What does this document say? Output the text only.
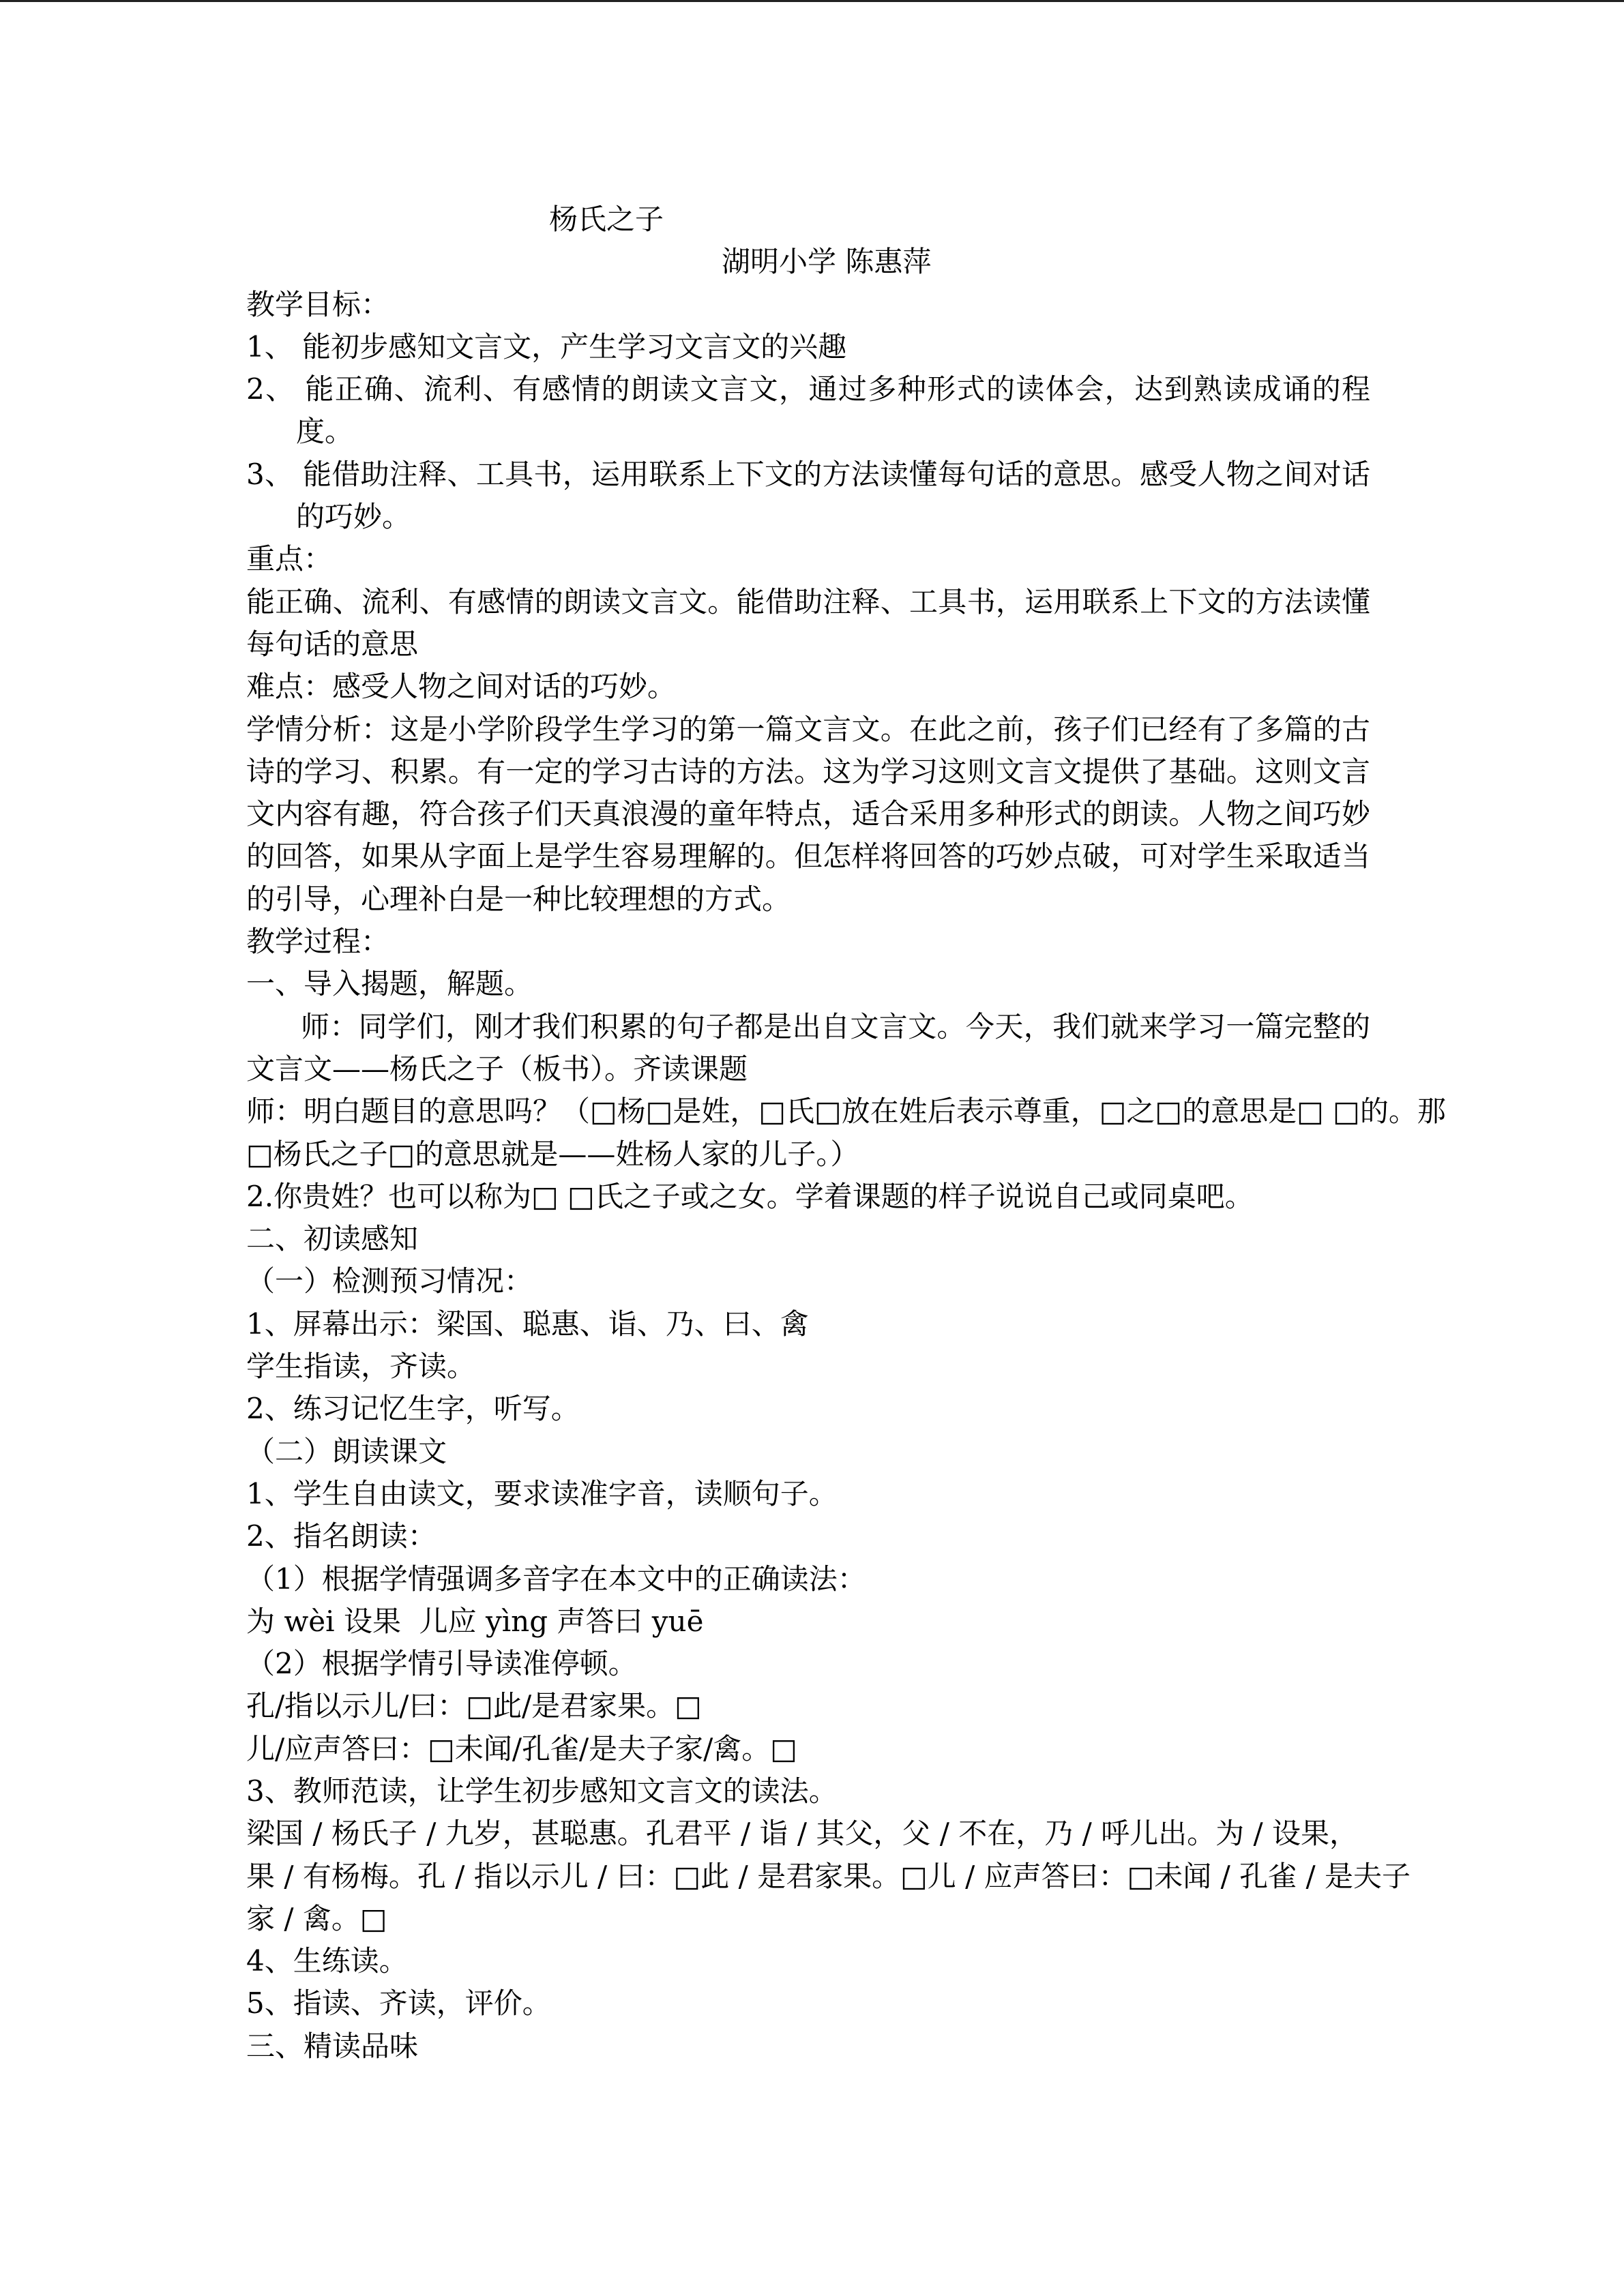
杨氏之子
湖明小学 陈惠萍
教学目标：
1、 能初步感知文言文，产生学习文言文的兴趣
2、 能正确、流利、有感情的朗读文言文，通过多种形式的读体会，达到熟读成诵的程
度。
3、 能借助注释、工具书，运用联系上下文的方法读懂每句话的意思。感受人物之间对话
的巧妙。
重点：
能正确、流利、有感情的朗读文言文。能借助注释、工具书，运用联系上下文的方法读懂
每句话的意思
难点：感受人物之间对话的巧妙。
学情分析：这是小学阶段学生学习的第一篇文言文。在此之前，孩子们已经有了多篇的古
诗的学习、积累。有一定的学习古诗的方法。这为学习这则文言文提供了基础。这则文言
文内容有趣，符合孩子们天真浪漫的童年特点，适合采用多种形式的朗读。人物之间巧妙
的回答，如果从字面上是学生容易理解的。但怎样将回答的巧妙点破，可对学生采取适当
的引导，心理补白是一种比较理想的方式。
教学过程：
一、导入揭题，解题。
师：同学们，刚才我们积累的句子都是出自文言文。今天，我们就来学习一篇完整的
文言文——杨氏之子（板书）。齐读课题
师：明白题目的意思吗？（□杨□是姓，□氏□放在姓后表示尊重，□之□的意思是□ □的。那
□杨氏之子□的意思就是——姓杨人家的儿子。）
2.你贵姓？也可以称为□ □氏之子或之女。学着课题的样子说说自己或同桌吧。
二、初读感知
（一）检测预习情况：
1、屏幕出示：梁国、聪惠、诣、乃、曰、禽
学生指读，齐读。
2、练习记忆生字，听写。
（二）朗读课文
1、学生自由读文，要求读准字音，读顺句子。
2、指名朗读：
（1）根据学情强调多音字在本文中的正确读法：
为 wèi 设果  儿应 yìng 声答曰 yuē
（2）根据学情引导读准停顿。
孔/指以示儿/曰：□此/是君家果。□
儿/应声答曰：□未闻/孔雀/是夫子家/禽。□
3、教师范读，让学生初步感知文言文的读法。
梁国 / 杨氏子 / 九岁，甚聪惠。孔君平 / 诣 / 其父，父 / 不在，乃 / 呼儿出。为 / 设果，
果 / 有杨梅。孔 / 指以示儿 / 曰：□此 / 是君家果。□儿 / 应声答曰：□未闻 / 孔雀 / 是夫子
家 / 禽。□
4、生练读。
5、指读、齐读，评价。
三、精读品味
